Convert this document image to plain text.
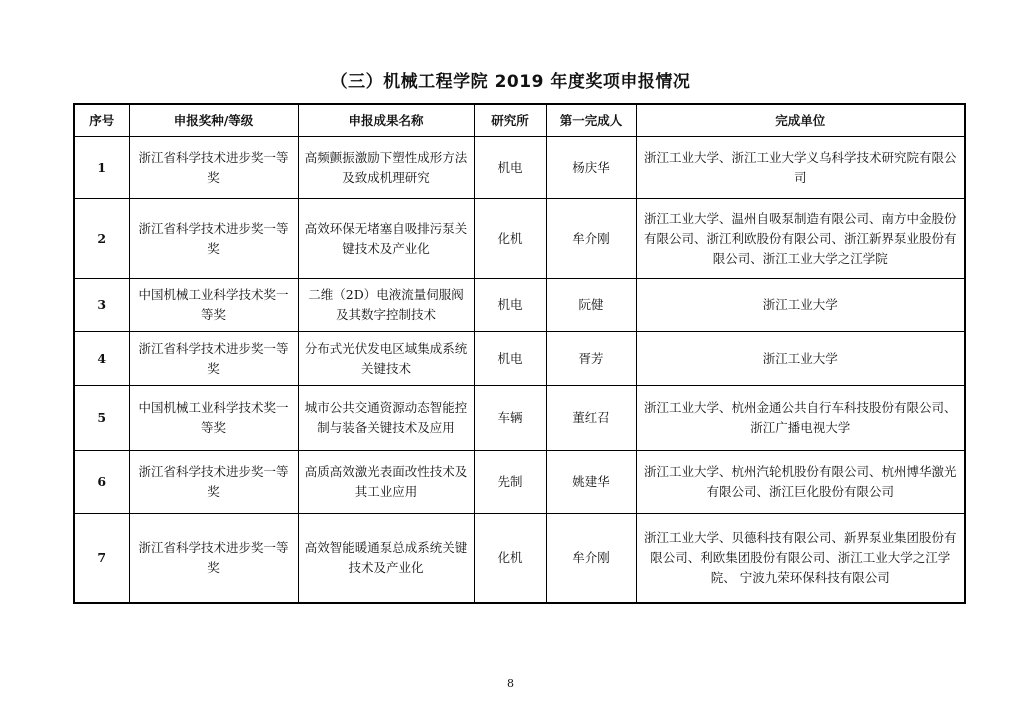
（三）机械工程学院 2019 年度奖项申报情况
序号	申报奖种/等级	申报成果名称	研究所	第一完成人	完成单位
1	浙江省科学技术进步奖一等奖	高频颤振激励下塑性成形方法及致成机理研究	机电	杨庆华	浙江工业大学、浙江工业大学义乌科学技术研究院有限公司
2	浙江省科学技术进步奖一等奖	高效环保无堵塞自吸排污泵关键技术及产业化	化机	牟介刚	浙江工业大学、温州自吸泵制造有限公司、南方中金股份有限公司、浙江利欧股份有限公司、浙江新界泵业股份有限公司、浙江工业大学之江学院
3	中国机械工业科学技术奖一等奖	二维（2D）电液流量伺服阀及其数字控制技术	机电	阮健	浙江工业大学
4	浙江省科学技术进步奖一等奖	分布式光伏发电区域集成系统关键技术	机电	胥芳	浙江工业大学
5	中国机械工业科学技术奖一等奖	城市公共交通资源动态智能控制与装备关键技术及应用	车辆	董红召	浙江工业大学、杭州金通公共自行车科技股份有限公司、浙江广播电视大学
6	浙江省科学技术进步奖一等奖	高质高效激光表面改性技术及其工业应用	先制	姚建华	浙江工业大学、杭州汽轮机股份有限公司、杭州博华激光有限公司、浙江巨化股份有限公司
7	浙江省科学技术进步奖一等奖	高效智能暖通泵总成系统关键技术及产业化	化机	牟介刚	浙江工业大学、贝德科技有限公司、新界泵业集团股份有限公司、利欧集团股份有限公司、浙江工业大学之江学院、 宁波九荣环保科技有限公司
8
